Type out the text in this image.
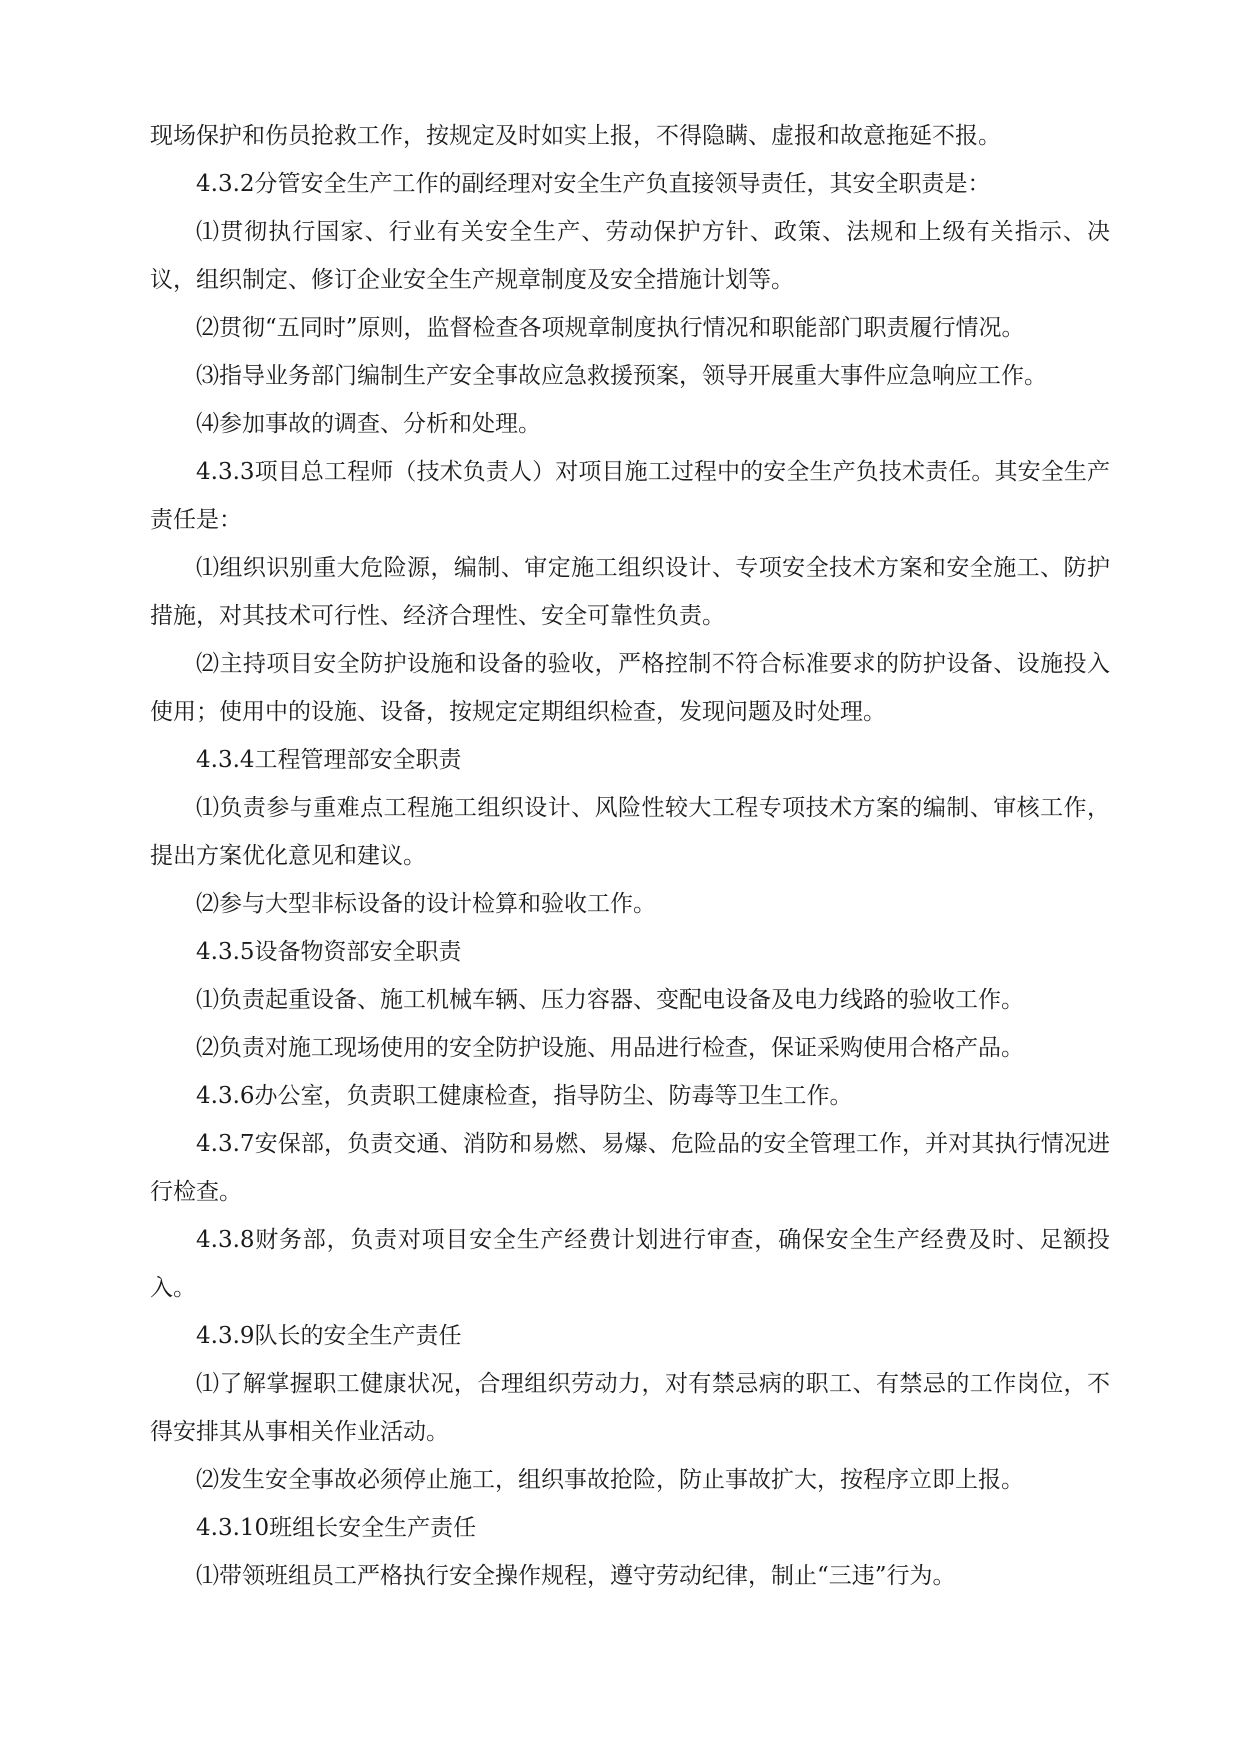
现场保护和伤员抢救工作，按规定及时如实上报，不得隐瞒、虚报和故意拖延不报。

4.3.2分管安全生产工作的副经理对安全生产负直接领导责任，其安全职责是：

⑴贯彻执行国家、行业有关安全生产、劳动保护方针、政策、法规和上级有关指示、决议，组织制定、修订企业安全生产规章制度及安全措施计划等。

⑵贯彻“五同时”原则，监督检查各项规章制度执行情况和职能部门职责履行情况。

⑶指导业务部门编制生产安全事故应急救援预案，领导开展重大事件应急响应工作。

⑷参加事故的调查、分析和处理。

4.3.3项目总工程师（技术负责人）对项目施工过程中的安全生产负技术责任。其安全生产责任是：

⑴组织识别重大危险源，编制、审定施工组织设计、专项安全技术方案和安全施工、防护措施，对其技术可行性、经济合理性、安全可靠性负责。

⑵主持项目安全防护设施和设备的验收，严格控制不符合标准要求的防护设备、设施投入使用；使用中的设施、设备，按规定定期组织检查，发现问题及时处理。

4.3.4工程管理部安全职责

⑴负责参与重难点工程施工组织设计、风险性较大工程专项技术方案的编制、审核工作，提出方案优化意见和建议。

⑵参与大型非标设备的设计检算和验收工作。

4.3.5设备物资部安全职责

⑴负责起重设备、施工机械车辆、压力容器、变配电设备及电力线路的验收工作。

⑵负责对施工现场使用的安全防护设施、用品进行检查，保证采购使用合格产品。

4.3.6办公室，负责职工健康检查，指导防尘、防毒等卫生工作。

4.3.7安保部，负责交通、消防和易燃、易爆、危险品的安全管理工作，并对其执行情况进行检查。

4.3.8财务部，负责对项目安全生产经费计划进行审查，确保安全生产经费及时、足额投入。

4.3.9队长的安全生产责任

⑴了解掌握职工健康状况，合理组织劳动力，对有禁忌病的职工、有禁忌的工作岗位，不得安排其从事相关作业活动。

⑵发生安全事故必须停止施工，组织事故抢险，防止事故扩大，按程序立即上报。

4.3.10班组长安全生产责任

⑴带领班组员工严格执行安全操作规程，遵守劳动纪律，制止“三违”行为。
